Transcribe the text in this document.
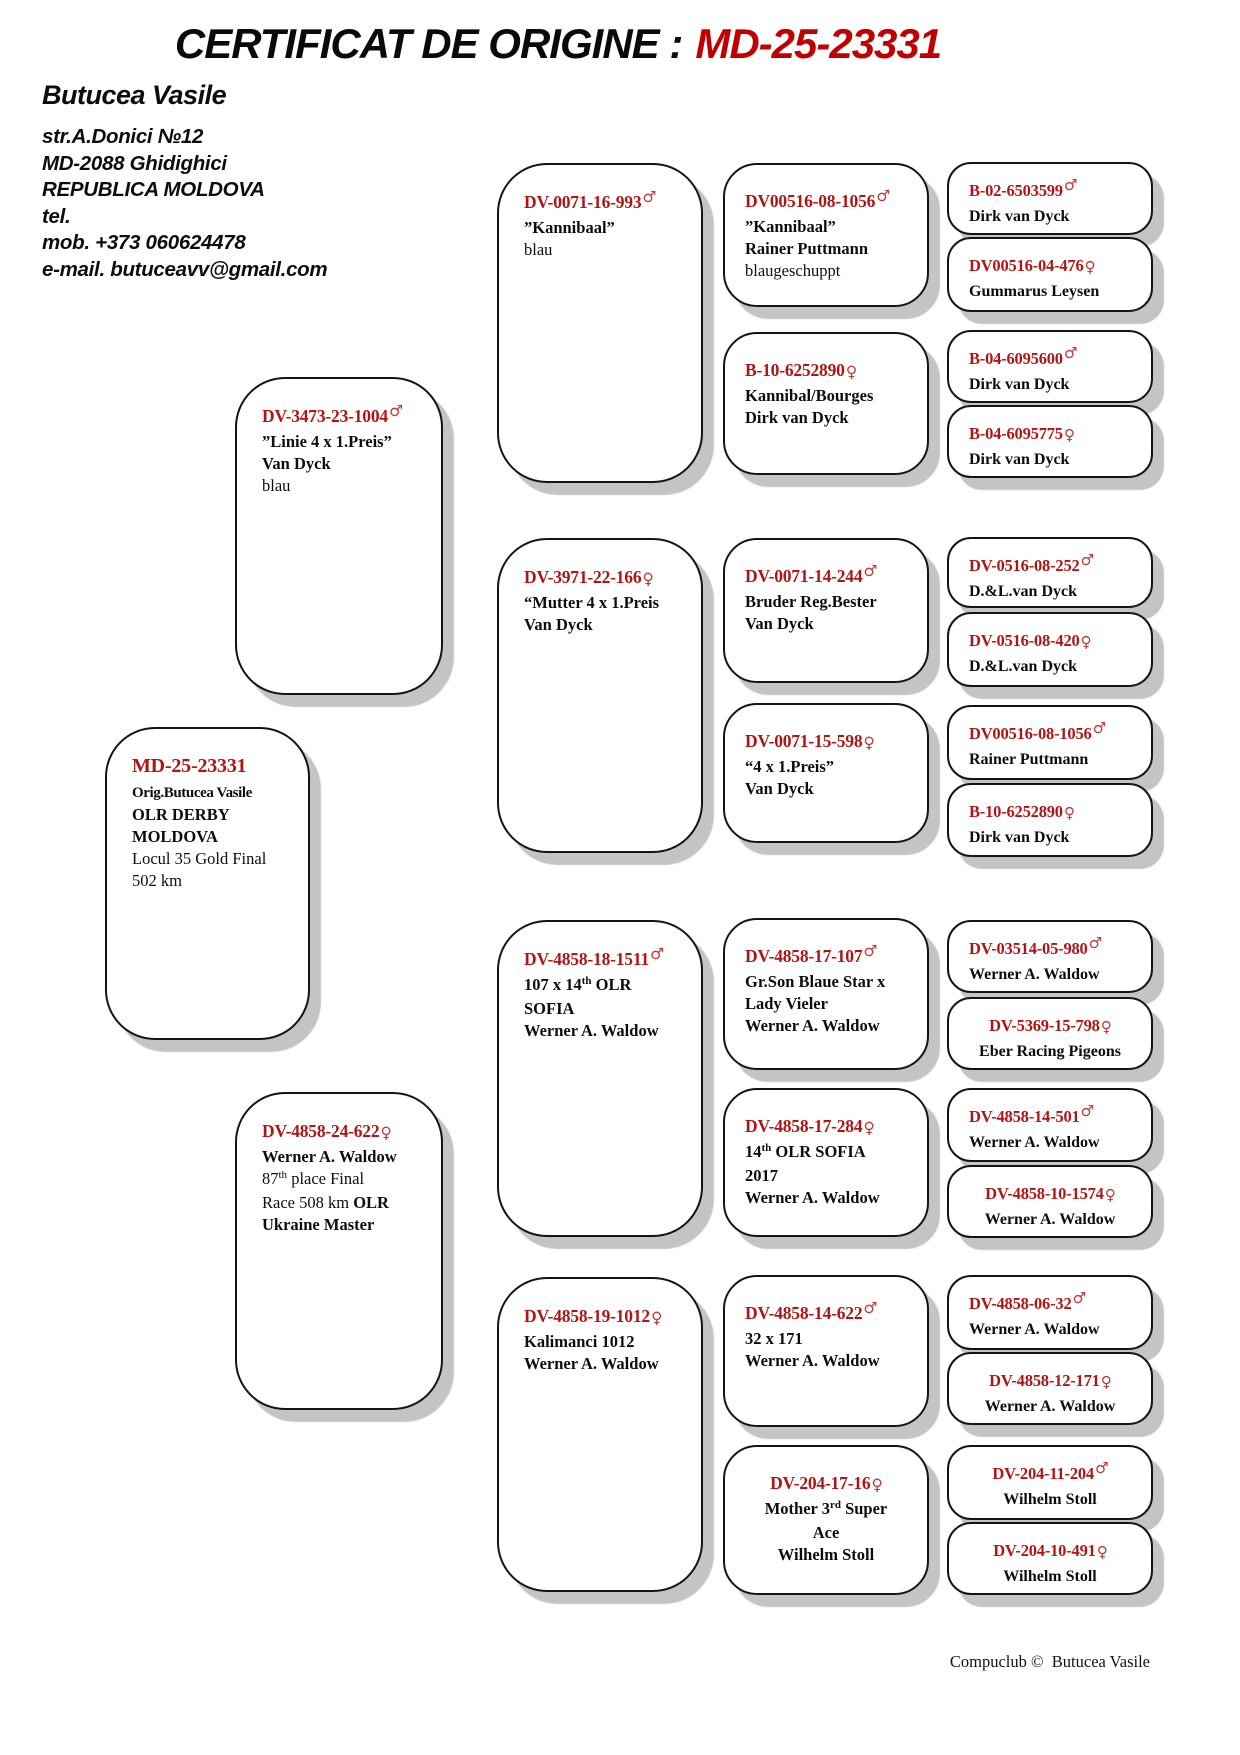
CERTIFICAT DE ORIGINE : MD-25-23331
Butucea Vasile
str.A.Donici №12
MD-2088 Ghidighici
REPUBLICA MOLDOVA
tel.
mob. +373 060624478
e-mail. butuceavv@gmail.com
MD-25-23331
Orig.Butucea Vasile
OLR DERBY
MOLDOVA
Locul 35 Gold Final
502 km
DV-3473-23-1004♂
”Linie 4 x 1.Preis”
Van Dyck
blau
DV-4858-24-622♀
Werner A. Waldow
87th place Final
Race 508 km OLR
Ukraine Master
DV-0071-16-993♂
”Kannibaal”
blau
DV-3971-22-166♀
“Mutter 4 x 1.Preis
Van Dyck
DV-4858-18-1511♂
107 x 14th OLR
SOFIA
Werner A. Waldow
DV-4858-19-1012♀
Kalimanci 1012
Werner A. Waldow
DV00516-08-1056♂
”Kannibaal”
Rainer Puttmann
blaugeschuppt
B-10-6252890♀
Kannibal/Bourges
Dirk van Dyck
DV-0071-14-244♂
Bruder Reg.Bester
Van Dyck
DV-0071-15-598♀
“4 x 1.Preis”
Van Dyck
DV-4858-17-107♂
Gr.Son Blaue Star x
Lady Vieler
Werner A. Waldow
DV-4858-17-284♀
14th OLR SOFIA
2017
Werner A. Waldow
DV-4858-14-622♂
32 x 171
Werner A. Waldow
DV-204-17-16♀
Mother 3rd Super
Ace
Wilhelm Stoll
B-02-6503599♂
Dirk van Dyck
DV00516-04-476♀
Gummarus Leysen
B-04-6095600♂
Dirk van Dyck
B-04-6095775♀
Dirk van Dyck
DV-0516-08-252♂
D.&L.van Dyck
DV-0516-08-420♀
D.&L.van Dyck
DV00516-08-1056♂
Rainer Puttmann
B-10-6252890♀
Dirk van Dyck
DV-03514-05-980♂
Werner A. Waldow
DV-5369-15-798♀
Eber Racing Pigeons
DV-4858-14-501♂
Werner A. Waldow
DV-4858-10-1574♀
Werner A. Waldow
DV-4858-06-32♂
Werner A. Waldow
DV-4858-12-171♀
Werner A. Waldow
DV-204-11-204♂
Wilhelm Stoll
DV-204-10-491♀
Wilhelm Stoll
Compuclub ©  Butucea Vasile
